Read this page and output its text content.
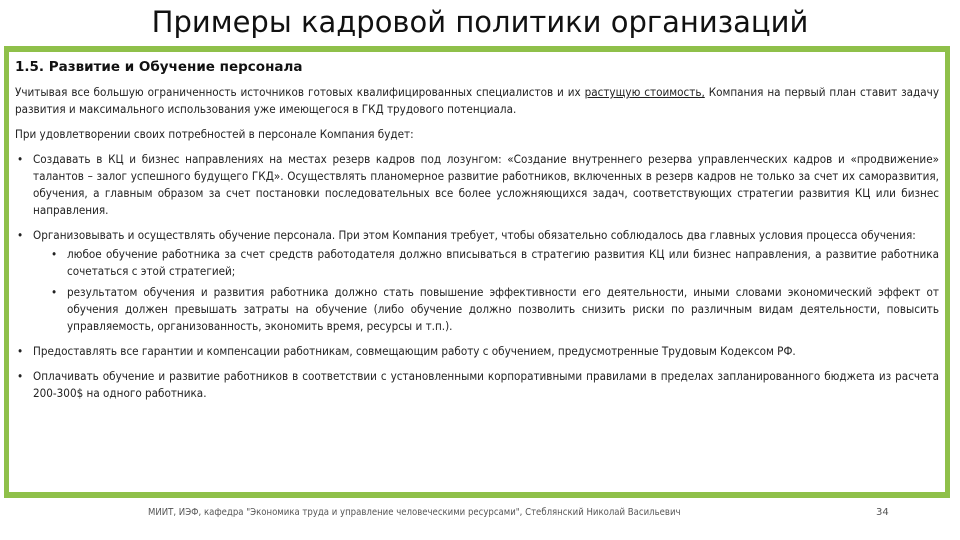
Примеры кадровой политики организаций
1.5. Развитие и Обучение персонала

Учитывая все большую ограниченность источников готовых квалифицированных специалистов и их растущую стоимость, Компания на первый план ставит задачу развития и максимального использования уже имеющегося в ГКД трудового потенциала.

При удовлетворении своих потребностей в персонале Компания будет:

• Создавать в КЦ и бизнес направлениях на местах резерв кадров под лозунгом: «Создание внутреннего резерва управленческих кадров и «продвижение» талантов – залог успешного будущего ГКД». Осуществлять планомерное развитие работников, включенных в резерв кадров не только за счет их саморазвития, обучения, а главным образом за счет постановки последовательных все более усложняющихся задач, соответствующих стратегии развития КЦ или бизнес направления.
• Организовывать и осуществлять обучение персонала. При этом Компания требует, чтобы обязательно соблюдалось два главных условия процесса обучения:
• любое обучение работника за счет средств работодателя должно вписываться в стратегию развития КЦ или бизнес направления, а развитие работника сочетаться с этой стратегией;
• результатом обучения и развития работника должно стать повышение эффективности его деятельности, иными словами экономический эффект от обучения должен превышать затраты на обучение (либо обучение должно позволить снизить риски по различным видам деятельности, повысить управляемость, организованность, экономить время, ресурсы и т.п.).
• Предоставлять все гарантии и компенсации работникам, совмещающим работу с обучением, предусмотренные Трудовым Кодексом РФ.
• Оплачивать обучение и развитие работников в соответствии с установленными корпоративными правилами в пределах запланированного бюджета из расчета 200-300$ на одного работника.
МИИТ, ИЭФ, кафедра "Экономика труда и управление человеческими ресурсами", Стеблянский Николай Васильевич	34
